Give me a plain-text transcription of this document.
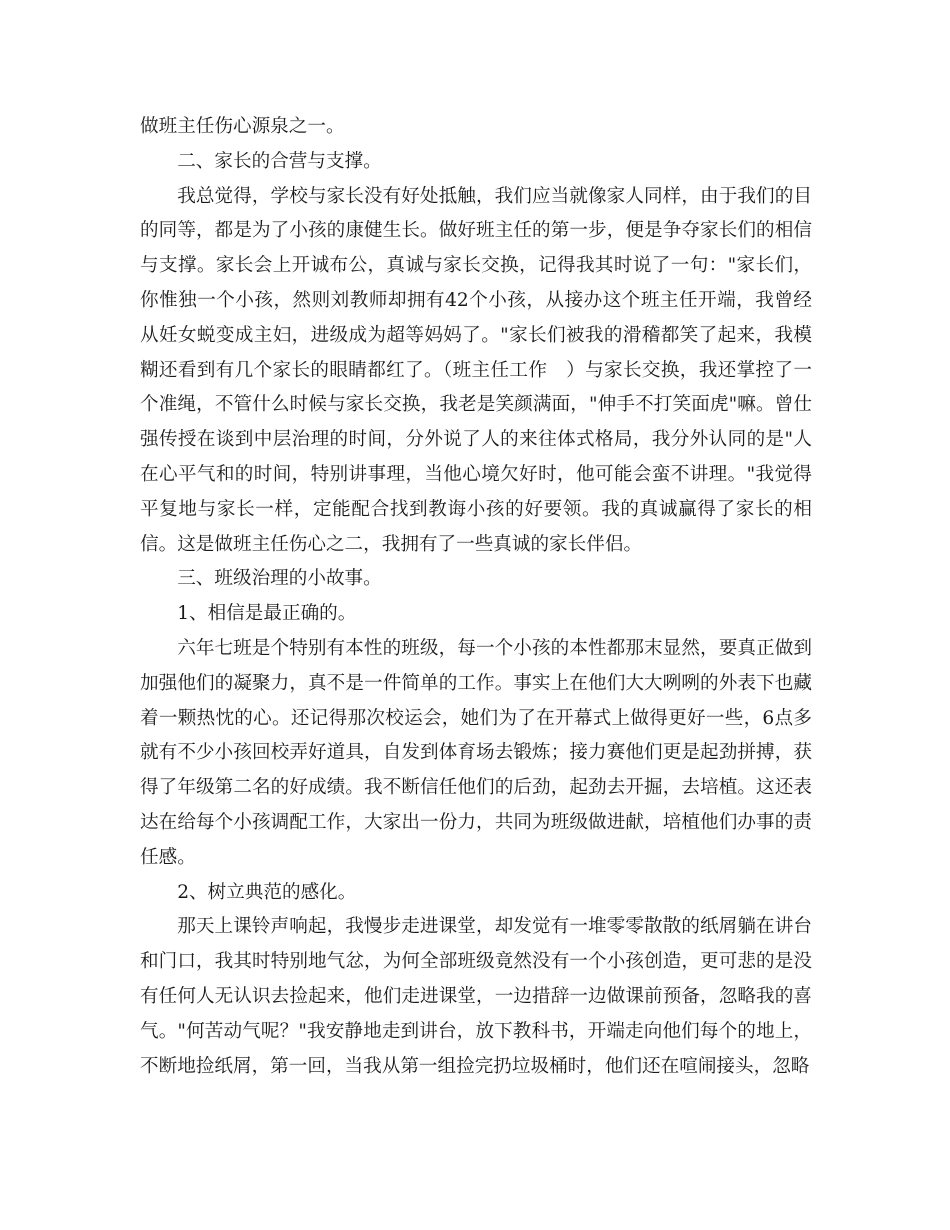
做班主任伤心源泉之一。

二、家长的合营与支撑。

我总觉得，学校与家长没有好处抵触，我们应当就像家人同样，由于我们的目的同等，都是为了小孩的康健生长。做好班主任的第一步，便是争夺家长们的相信与支撑。家长会上开诚布公，真诚与家长交换，记得我其时说了一句："家长们，你惟独一个小孩，然则刘教师却拥有42个小孩，从接办这个班主任开端，我曾经从妊女蜕变成主妇，进级成为超等妈妈了。"家长们被我的滑稽都笑了起来，我模糊还看到有几个家长的眼睛都红了。（班主任工作　）与家长交换，我还掌控了一个准绳，不管什么时候与家长交换，我老是笑颜满面，"伸手不打笑面虎"嘛。曾仕强传授在谈到中层治理的时间，分外说了人的来往体式格局，我分外认同的是"人在心平气和的时间，特别讲事理，当他心境欠好时，他可能会蛮不讲理。"我觉得平复地与家长一样，定能配合找到教诲小孩的好要领。我的真诚赢得了家长的相信。这是做班主任伤心之二，我拥有了一些真诚的家长伴侣。

三、班级治理的小故事。

1、相信是最正确的。

六年七班是个特别有本性的班级，每一个小孩的本性都那末显然，要真正做到加强他们的凝聚力，真不是一件简单的工作。事实上在他们大大咧咧的外表下也藏着一颗热忱的心。还记得那次校运会，她们为了在开幕式上做得更好一些，6点多就有不少小孩回校弄好道具，自发到体育场去锻炼；接力赛他们更是起劲拼搏，获得了年级第二名的好成绩。我不断信任他们的后劲，起劲去开掘，去培植。这还表达在给每个小孩调配工作，大家出一份力，共同为班级做进献，培植他们办事的责任感。

2、树立典范的感化。

那天上课铃声响起，我慢步走进课堂，却发觉有一堆零零散散的纸屑躺在讲台和门口，我其时特别地气忿，为何全部班级竟然没有一个小孩创造，更可悲的是没有任何人无认识去捡起来，他们走进课堂，一边措辞一边做课前预备，忽略我的喜气。"何苦动气呢？"我安静地走到讲台，放下教科书，开端走向他们每个的地上，不断地捡纸屑，第一回，当我从第一组捡完扔垃圾桶时，他们还在喧闹接头，忽略
